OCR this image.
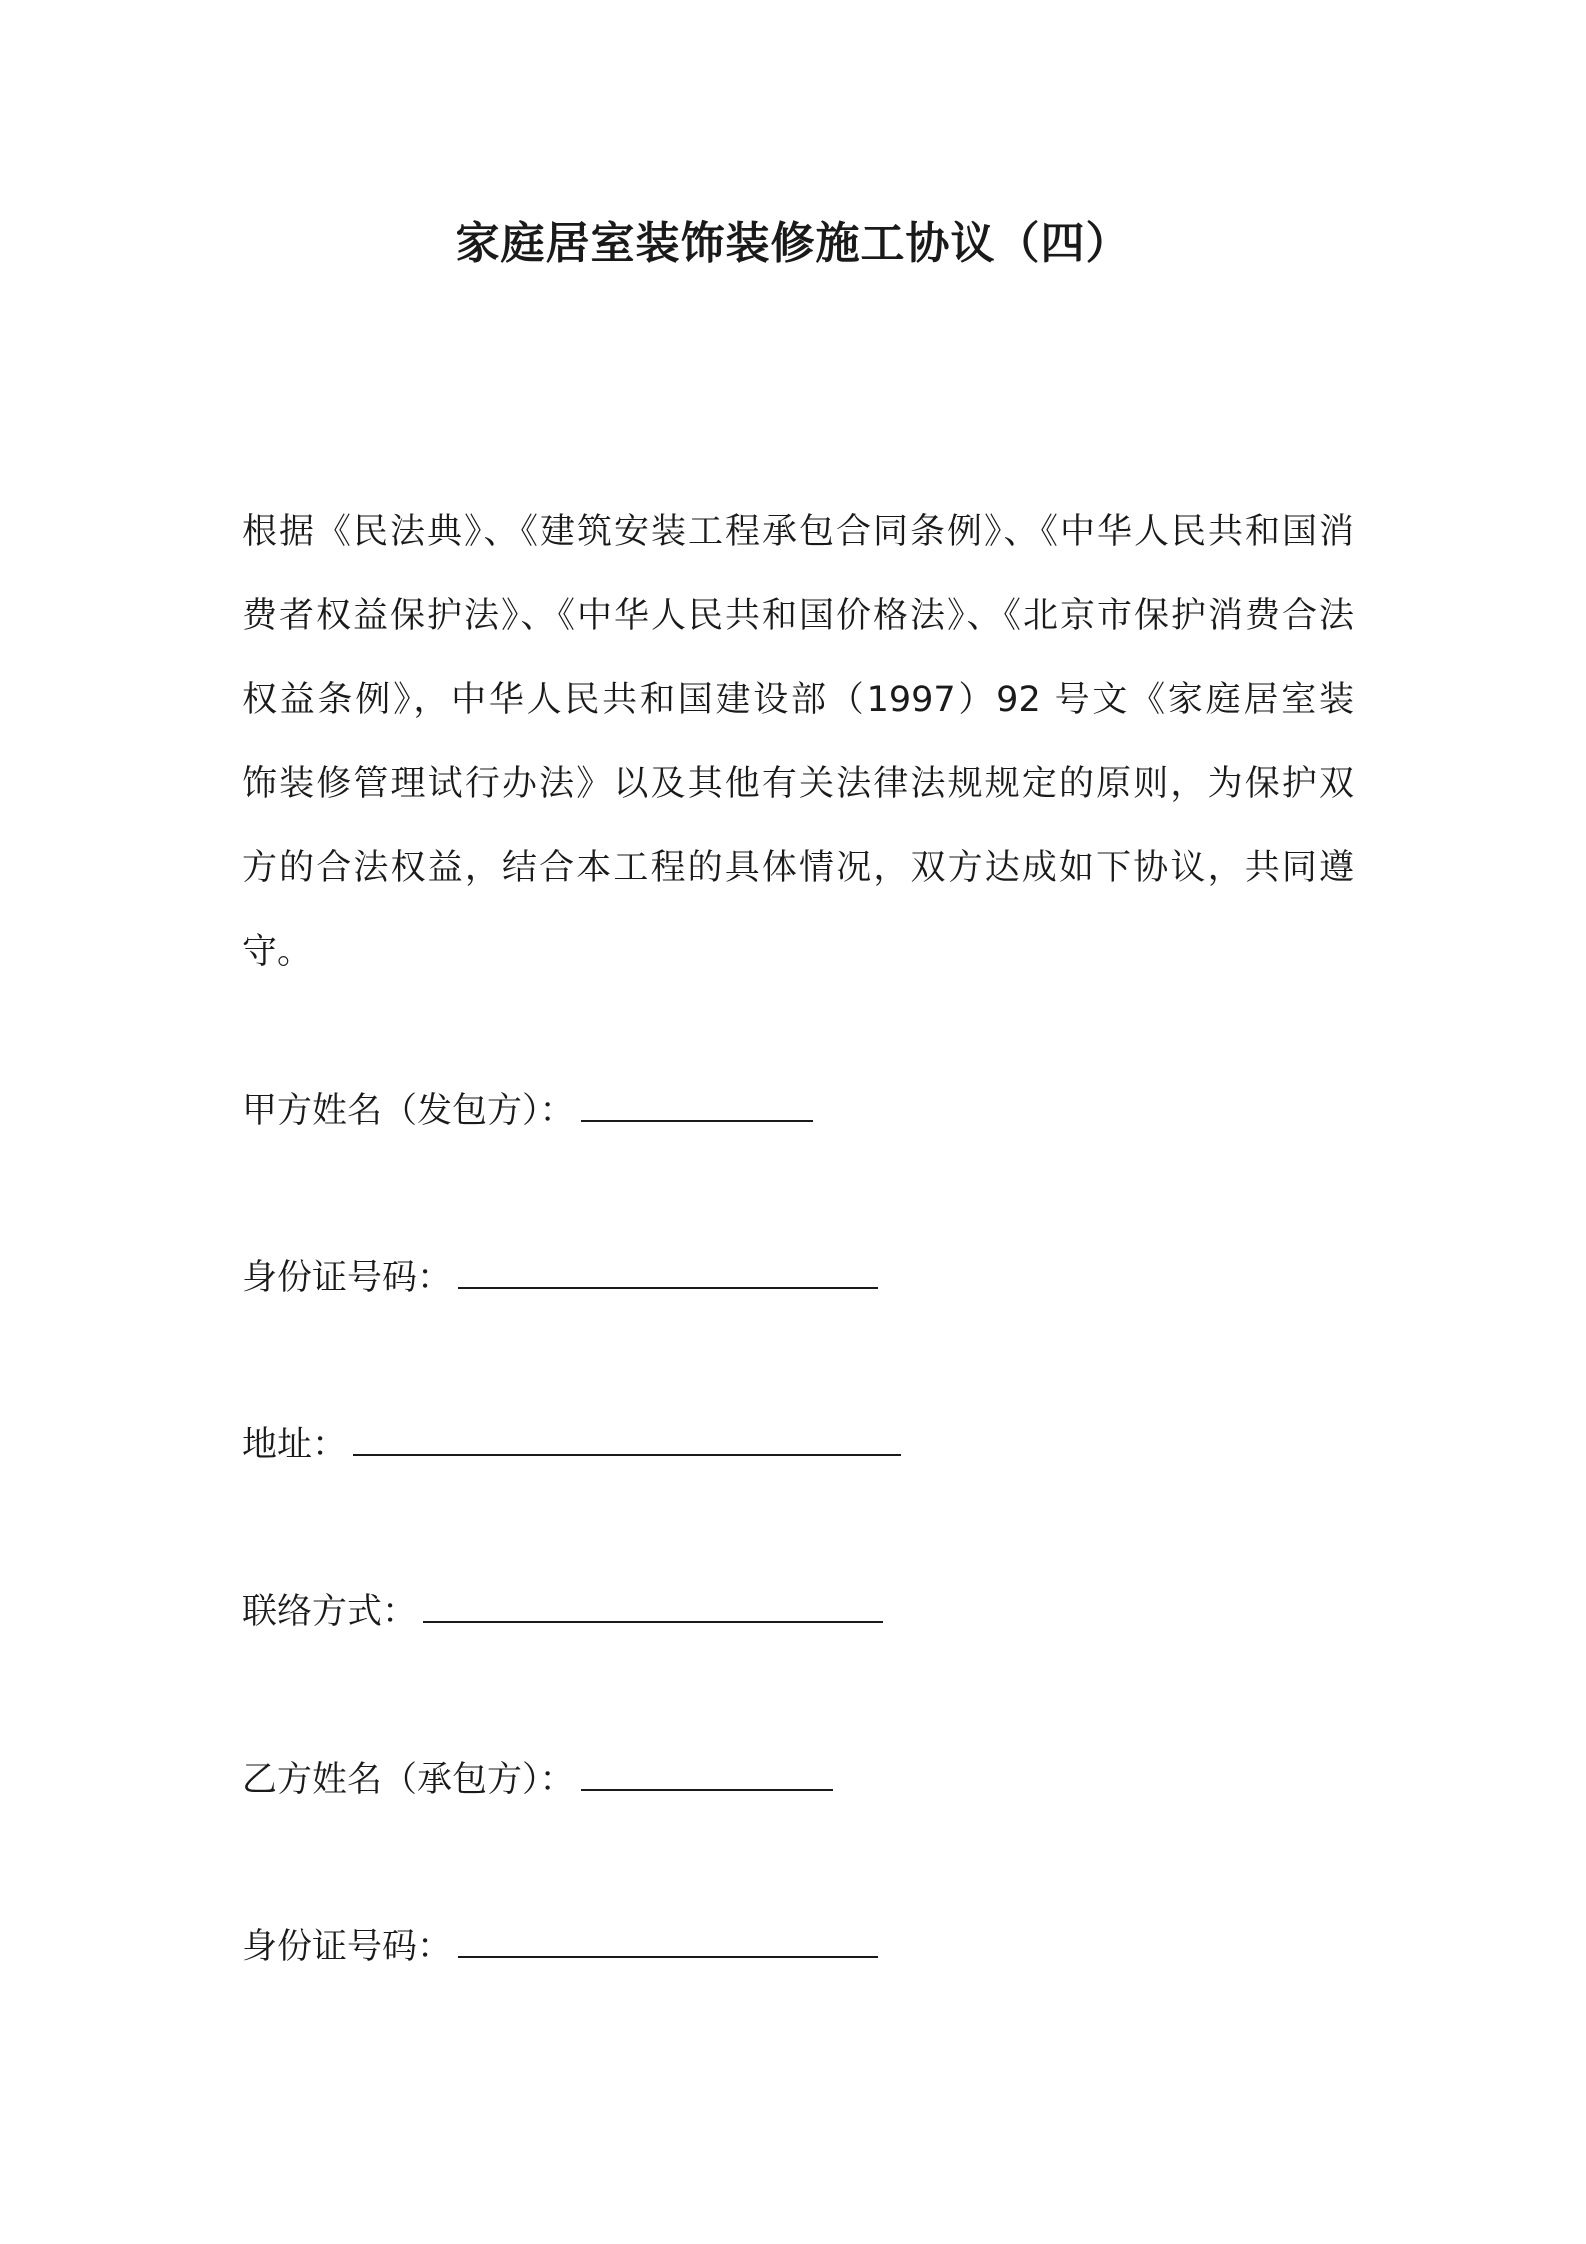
家庭居室装饰装修施工协议（四）
根据《民法典》、《建筑安装工程承包合同条例》、《中华人民共和国消
费者权益保护法》、《中华人民共和国价格法》、《北京市保护消费合法
权益条例》，中华人民共和国建设部（1997）92 号文《家庭居室装
饰装修管理试行办法》以及其他有关法律法规规定的原则，为保护双
方的合法权益，结合本工程的具体情况，双方达成如下协议，共同遵
守。
甲方姓名（发包方）：
身份证号码：
地址：
联络方式：
乙方姓名（承包方）：
身份证号码：
